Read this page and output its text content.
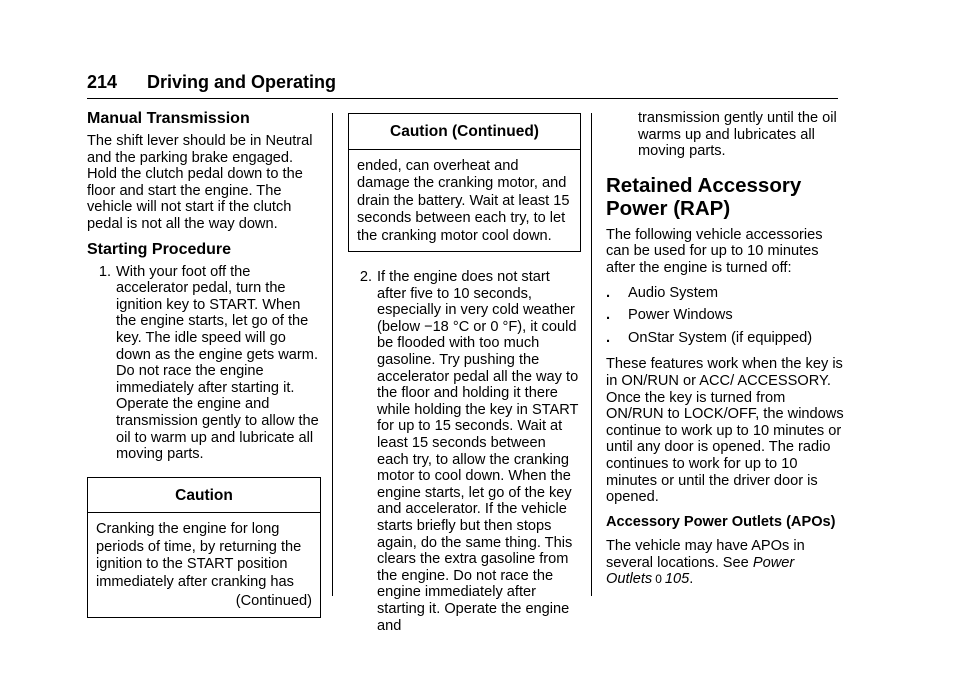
214 Driving and Operating
Manual Transmission

The shift lever should be in Neutral and the parking brake engaged. Hold the clutch pedal down to the floor and start the engine. The vehicle will not start if the clutch pedal is not all the way down.

Starting Procedure
1. With your foot off the accelerator pedal, turn the ignition key to START. When the engine starts, let go of the key. The idle speed will go down as the engine gets warm. Do not race the engine immediately after starting it. Operate the engine and transmission gently to allow the oil to warm up and lubricate all moving parts.
Caution
Cranking the engine for long periods of time, by returning the ignition to the START position immediately after cranking has
(Continued)
Caution (Continued)
ended, can overheat and damage the cranking motor, and drain the battery. Wait at least 15 seconds between each try, to let the cranking motor cool down.
2. If the engine does not start after five to 10 seconds, especially in very cold weather (below −18 °C or 0 °F), it could be flooded with too much gasoline. Try pushing the accelerator pedal all the way to the floor and holding it there while holding the key in START for up to 15 seconds. Wait at least 15 seconds between each try, to allow the cranking motor to cool down. When the engine starts, let go of the key and accelerator. If the vehicle starts briefly but then stops again, do the same thing. This clears the extra gasoline from the engine. Do not race the engine immediately after starting it. Operate the engine and
transmission gently until the oil warms up and lubricates all moving parts.
Retained Accessory Power (RAP)

The following vehicle accessories can be used for up to 10 minutes after the engine is turned off:

.	Audio System
.	Power Windows
.	OnStar System (if equipped)

These features work when the key is in ON/RUN or ACC/ ACCESSORY. Once the key is turned from ON/RUN to LOCK/OFF, the windows continue to work up to 10 minutes or until any door is opened. The radio continues to work for up to 10 minutes or until the driver door is opened.

Accessory Power Outlets (APOs)

The vehicle may have APOs in several locations. See Power Outlets 0 105.
